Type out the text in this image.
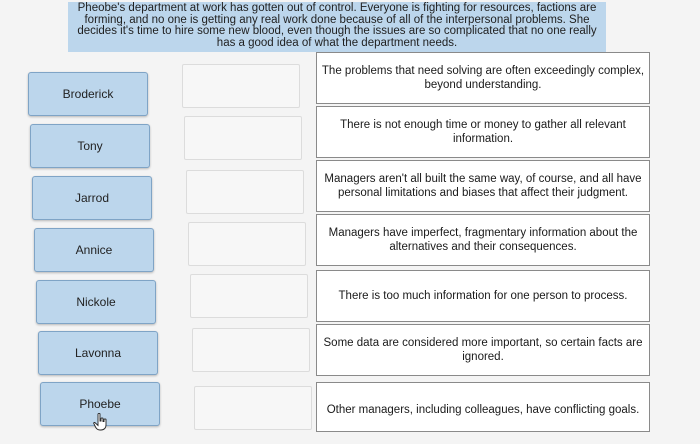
Pheobe's department at work has gotten out of control. Everyone is fighting for resources, factions are forming, and no one is getting any real work done because of all of the interpersonal problems. She decides it's time to hire some new blood, even though the issues are so complicated that no one really has a good idea of what the department needs.
Broderick
Tony
Jarrod
Annice
Nickole
Lavonna
Phoebe
The problems that need solving are often exceedingly complex, beyond understanding.
There is not enough time or money to gather all relevant information.
Managers aren't all built the same way, of course, and all have personal limitations and biases that affect their judgment.
Managers have imperfect, fragmentary information about the alternatives and their consequences.
There is too much information for one person to process.
Some data are considered more important, so certain facts are ignored.
Other managers, including colleagues, have conflicting goals.
